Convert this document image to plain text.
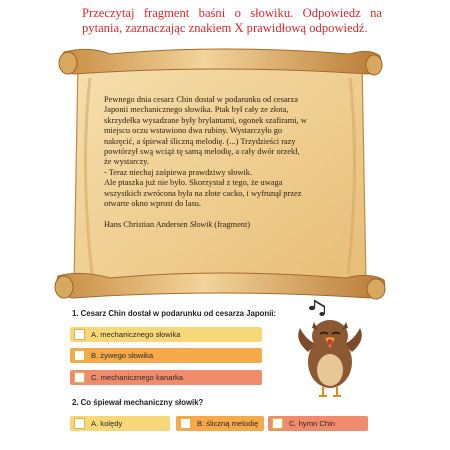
Przeczytaj fragment baśni o słowiku. Odpowiedz na pytania, zaznaczając znakiem X prawidłową odpowiedź.

Pewnego dnia cesarz Chin dostał w podarunku od cesarza Japonii mechanicznego słowika. Ptak był cały ze złota, skrzydełka wysadzane były brylantami, ogonek szafirami, w miejscu oczu wstawiono dwa rubiny. Wystarczyło go nakręcić, a śpiewał śliczną melodię. (...) Trzydzieści razy powtórzył swą wciąż tę samą melodię, a cały dwór orzekł, że wystarczy.

- Teraz niechaj zaśpiewa prawdziwy słowik.

Ale ptaszka już nie było. Skorzystał z tego, że uwaga wszystkich zwrócona była na złote cacko, i wyfrunął przez otwarte okno wprost do lasu.

Hans Christian Andersen Słowik (fragment)

1. Cesarz Chin dostał w podarunku od cesarza Japonii:
A. mechanicznego słowika
B. żywego słowika
C. mechanicznego kanarka
2. Co śpiewał mechaniczny słowik?
A. kolędy	B. śliczną melodię	C. hymn Chin
